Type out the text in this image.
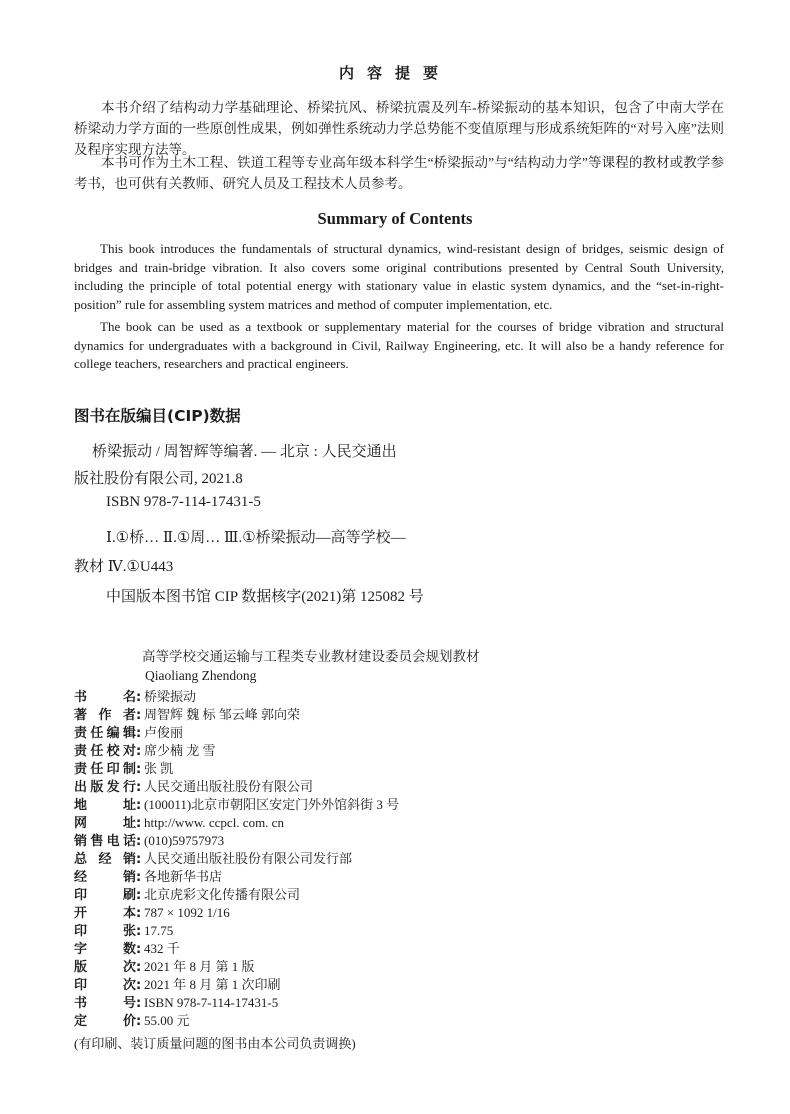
内容提要
本书介绍了结构动力学基础理论、桥梁抗风、桥梁抗震及列车-桥梁振动的基本知识，包含了中南大学在桥梁动力学方面的一些原创性成果，例如弹性系统动力学总势能不变值原理与形成系统矩阵的“对号入座”法则及程序实现方法等。
本书可作为土木工程、铁道工程等专业高年级本科学生“桥梁振动”与“结构动力学”等课程的教材或教学参考书，也可供有关教师、研究人员及工程技术人员参考。
Summary of Contents
This book introduces the fundamentals of structural dynamics, wind-resistant design of bridges, seismic design of bridges and train-bridge vibration. It also covers some original contributions presented by Central South University, including the principle of total potential energy with stationary value in elastic system dynamics, and the “set-in-right-position” rule for assembling system matrices and method of computer implementation, etc.
The book can be used as a textbook or supplementary material for the courses of bridge vibration and structural dynamics for undergraduates with a background in Civil, Railway Engineering, etc. It will also be a handy reference for college teachers, researchers and practical engineers.
图书在版编目(CIP)数据
桥梁振动 / 周智辉等编著. — 北京 : 人民交通出
版社股份有限公司, 2021.8
ISBN 978-7-114-17431-5
Ⅰ.①桥… Ⅱ.①周… Ⅲ.①桥梁振动—高等学校—
教材 Ⅳ.①U443
中国版本图书馆 CIP 数据核字(2021)第 125082 号
高等学校交通运输与工程类专业教材建设委员会规划教材
Qiaoliang Zhendong
书名: 桥梁振动
著作者: 周智辉 魏 标 邹云峰 郭向荣
责任编辑: 卢俊丽
责任校对: 席少楠 龙 雪
责任印制: 张 凯
出版发行: 人民交通出版社股份有限公司
地址: (100011)北京市朝阳区安定门外外馆斜街 3 号
网址: http://www. ccpcl. com. cn
销售电话: (010)59757973
总经销: 人民交通出版社股份有限公司发行部
经销: 各地新华书店
印刷: 北京虎彩文化传播有限公司
开本: 787 × 1092 1/16
印张: 17.75
字数: 432 千
版次: 2021 年 8 月 第 1 版
印次: 2021 年 8 月 第 1 次印刷
书号: ISBN 978-7-114-17431-5
定价: 55.00 元
(有印刷、装订质量问题的图书由本公司负责调换)
